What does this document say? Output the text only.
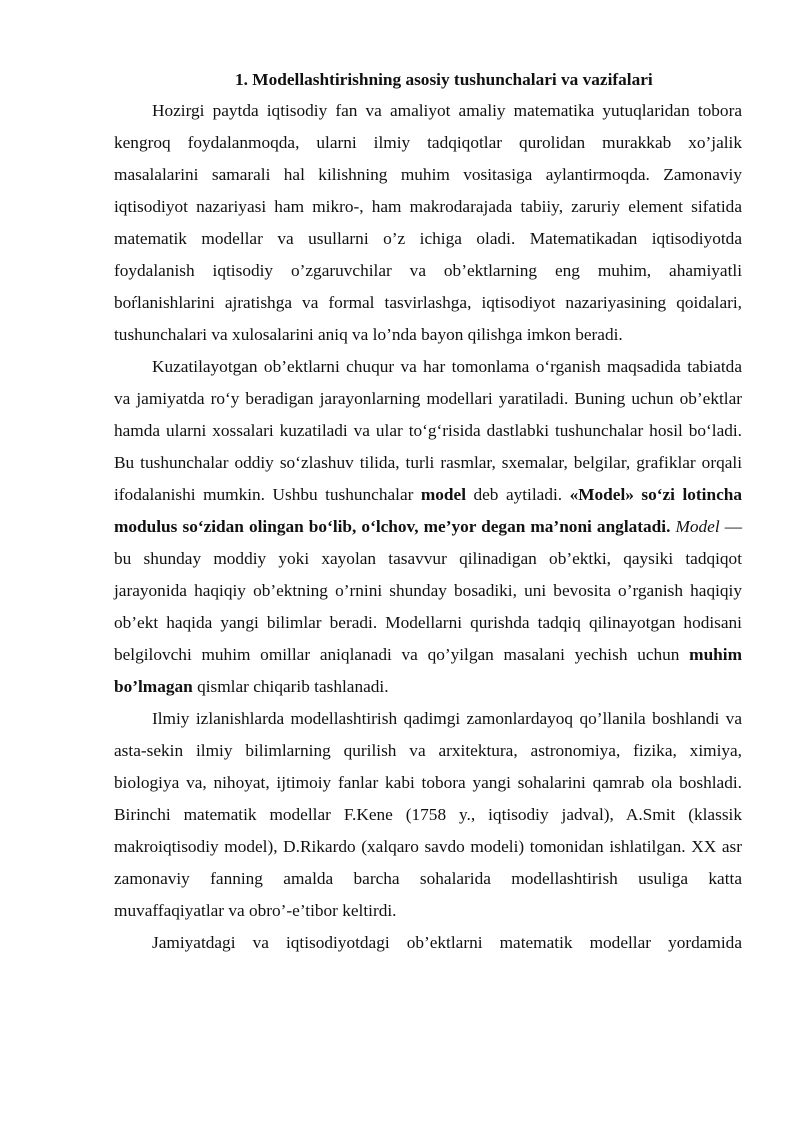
1. Modellashtirishning asosiy tushunchalari va vazifalari

Hozirgi paytda iqtisodiy fan va amaliyot amaliy matematika yutuqlaridan tobora kengroq foydalanmoqda, ularni ilmiy tadqiqotlar qurolidan murakkab xo’jalik masalalarini samarali hal kilishning muhim vositasiga aylantirmoqda. Zamonaviy iqtisodiyot nazariyasi ham mikro-, ham makrodarajada tabiiy, zaruriy element sifatida matematik modellar va usullarni o’z ichiga oladi. Matematikadan iqtisodiyotda foydalanish iqtisodiy o’zgaruvchilar va ob’ektlarning eng muhim, ahamiyatli boŕlanishlarini ajratishga va formal tasvirlashga, iqtisodiyot nazariyasining qoidalari, tushunchalari va xulosalarini aniq va lo’nda bayon qilishga imkon beradi.

Kuzatilayotgan ob’ektlarni chuqur va har tomonlama o‘rganish maqsadida tabiatda va jamiyatda ro‘y beradigan jarayonlarning modellari yaratiladi. Buning uchun ob’ektlar hamda ularni xossalari kuzatiladi va ular to‘g‘risida dastlabki tushunchalar hosil bo‘ladi. Bu tushunchalar oddiy so‘zlashuv tilida, turli rasmlar, sxemalar, belgilar, grafiklar orqali ifodalanishi mumkin. Ushbu tushunchalar model deb aytiladi. «Model» so‘zi lotincha modulus so‘zidan olingan bo‘lib, o‘lchov, me’yor degan ma’noni anglatadi. Model — bu shunday moddiy yoki xayolan tasavvur qilinadigan ob’ektki, qaysiki tadqiqot jarayonida haqiqiy ob’ektning o’rnini shunday bosadiki, uni bevosita o’rganish haqiqiy ob’ekt haqida yangi bilimlar beradi. Modellarni qurishda tadqiq qilinayotgan hodisani belgilovchi muhim omillar aniqlanadi va qo’yilgan masalani yechish uchun muhim bo’lmagan qismlar chiqarib tashlanadi.

Ilmiy izlanishlarda modellashtirish qadimgi zamonlardayoq qo’llanila boshlandi va asta-sekin ilmiy bilimlarning qurilish va arxitektura, astronomiya, fizika, ximiya, biologiya va, nihoyat, ijtimoiy fanlar kabi tobora yangi sohalarini qamrab ola boshladi. Birinchi matematik modellar F.Kene (1758 y., iqtisodiy jadval), A.Smit (klassik makroiqtisodiy model), D.Rikardo (xalqaro savdo modeli) tomonidan ishlatilgan. XX asr zamonaviy fanning amalda barcha sohalarida modellashtirish usuliga katta muvaffaqiyatlar va obro’-e’tibor keltirdi.

Jamiyatdagi va iqtisodiyotdagi ob’ektlarni matematik modellar yordamida
